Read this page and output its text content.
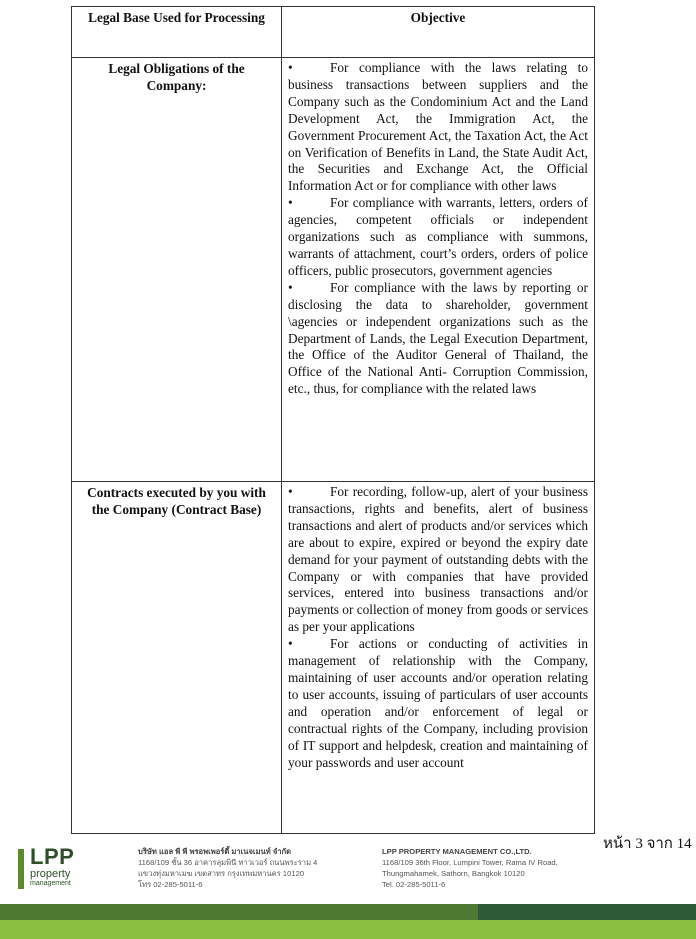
Legal Base Used for Processing	Objective

Legal Obligations of the Company:	• For compliance with the laws relating to business transactions between suppliers and the Company such as the Condominium Act and the Land Development Act, the Immigration Act, the Government Procurement Act, the Taxation Act, the Act on Verification of Benefits in Land, the State Audit Act, the Securities and Exchange Act, the Official Information Act or for compliance with other laws

• For compliance with warrants, letters, orders of agencies, competent officials or independent organizations such as compliance with summons, warrants of attachment, court’s orders, orders of police officers, public prosecutors, government agencies

• For compliance with the laws by reporting or disclosing the data to shareholder, government \agencies or independent organizations such as the Department of Lands, the Legal Execution Department, the Office of the Auditor General of Thailand, the Office of the National Anti- Corruption Commission, etc., thus, for compliance with the related laws

Contracts executed by you with the Company (Contract Base)	• For recording, follow-up, alert of your business transactions, rights and benefits, alert of business transactions and alert of products and/or services which are about to expire, expired or beyond the expiry date demand for your payment of outstanding debts with the Company or with companies that have provided services, entered into business transactions and/or payments or collection of money from goods or services as per your applications

• For actions or conducting of activities in management of relationship with the Company, maintaining of user accounts and/or operation relating to user accounts, issuing of particulars of user accounts and operation and/or enforcement of legal or contractual rights of the Company, including provision of IT support and helpdesk, creation and maintaining of your passwords and user account

หน้า 3 จาก 14
LPP
property
management
บริษัท แอล พี พี พรอพเพอร์ตี้ มาเนจเมนท์ จำกัด
1168/109 ชั้น 36 อาคารลุมพินี ทาวเวอร์ ถนนพระราม 4
แขวงทุ่งมหาเมฆ เขตสาทร กรุงเทพมหานคร 10120
โทร 02-285-5011-6
LPP PROPERTY MANAGEMENT CO.,LTD.
1168/109 36th Floor, Lumpini Tower, Rama IV Road,
Thungmahamek, Sathorn, Bangkok 10120
Tel. 02-285-5011-6
